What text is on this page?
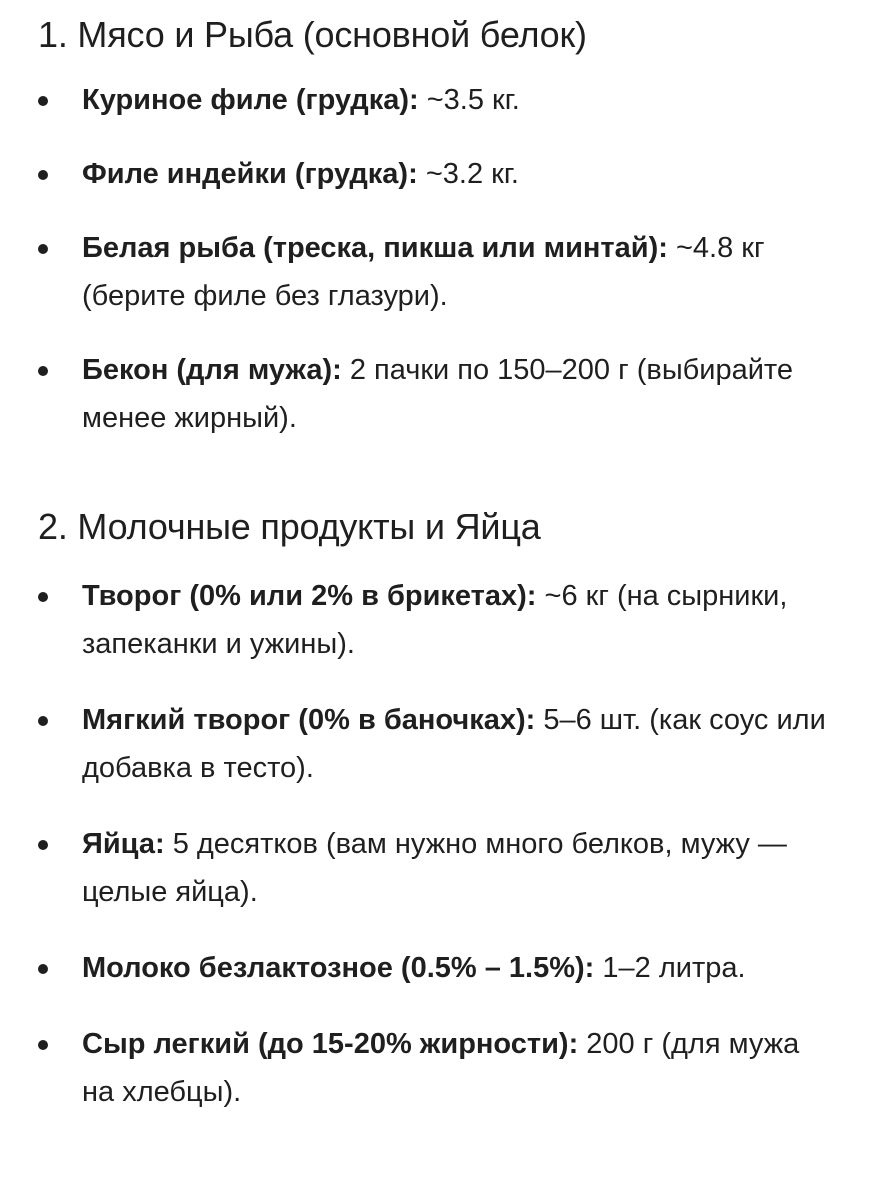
1. Мясо и Рыба (основной белок)
Куриное филе (грудка): ~3.5 кг.
Филе индейки (грудка): ~3.2 кг.
Белая рыба (треска, пикша или минтай): ~4.8 кг (берите филе без глазури).
Бекон (для мужа): 2 пачки по 150–200 г (выбирайте менее жирный).
2. Молочные продукты и Яйца
Творог (0% или 2% в брикетах): ~6 кг (на сырники, запеканки и ужины).
Мягкий творог (0% в баночках): 5–6 шт. (как соус или добавка в тесто).
Яйца: 5 десятков (вам нужно много белков, мужу — целые яйца).
Молоко безлактозное (0.5% – 1.5%): 1–2 литра.
Сыр легкий (до 15-20% жирности): 200 г (для мужа на хлебцы).
